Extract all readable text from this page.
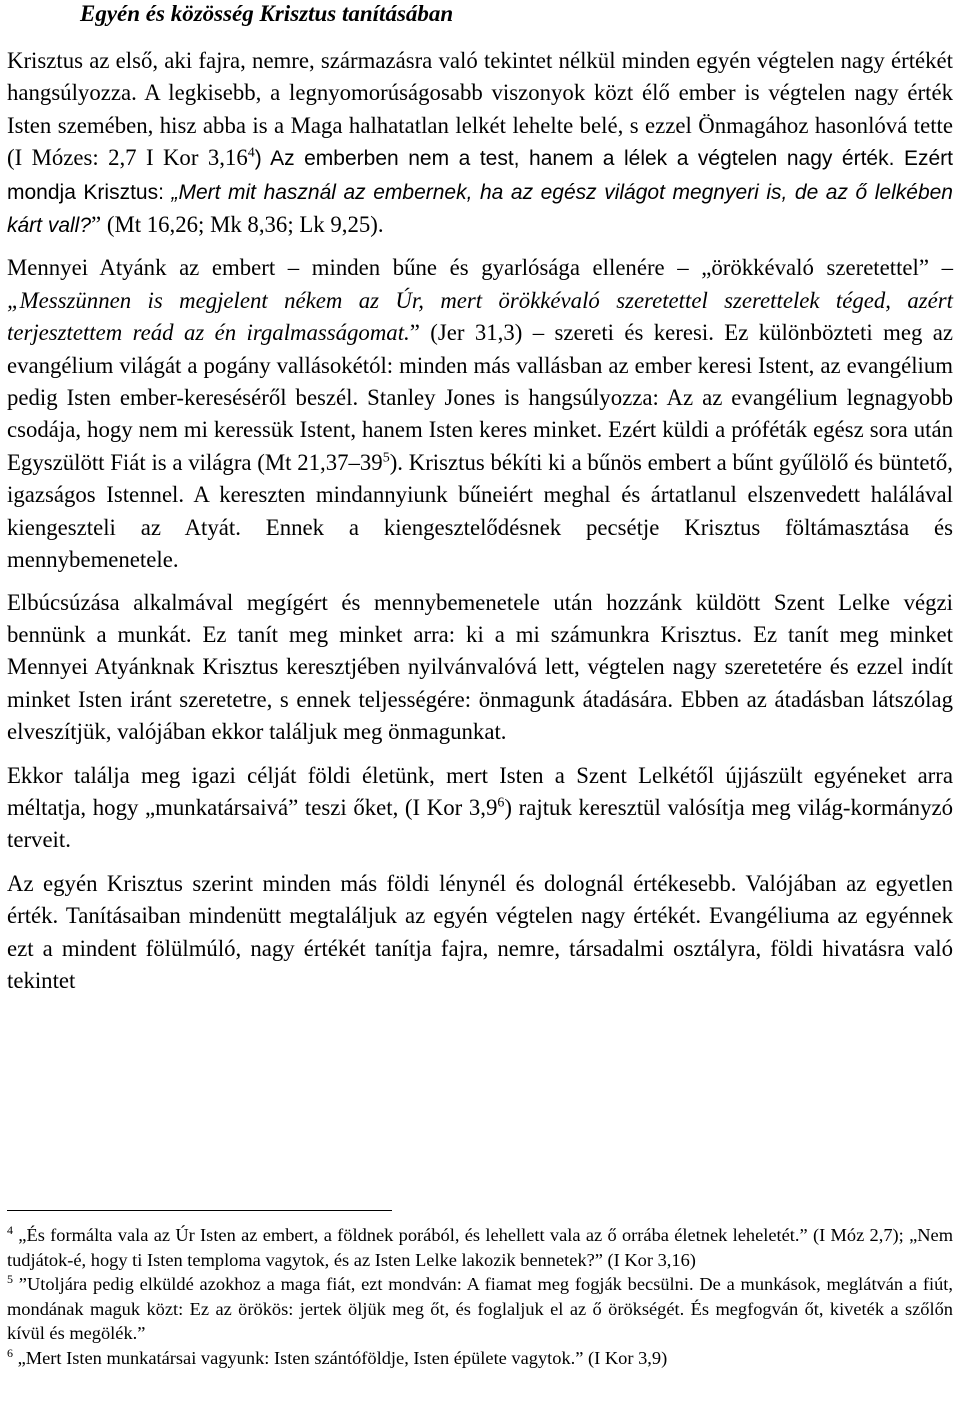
Egyén és közösség Krisztus tanításában

Krisztus az első, aki fajra, nemre, származásra való tekintet nélkül minden egyén végtelen nagy értékét hangsúlyozza. A legkisebb, a legnyomorúságosabb viszonyok közt élő ember is végtelen nagy érték Isten szemében, hisz abba is a Maga halhatatlan lelkét lehelte belé, s ezzel Önmagához hasonlóvá tette (I Mózes: 2,7 I Kor 3,16$^4$) Az emberben nem a test, hanem a lélek a végtelen nagy érték. Ezért mondja Krisztus: „Mert mit használ az embernek, ha az egész világot megnyeri is, de az ő lelkében kárt vall?” (Mt 16,26; Mk 8,36; Lk 9,25).

Mennyei Atyánk az embert – minden bűne és gyarlósága ellenére – „örökkévaló szeretettel” – „Messzünnen is megjelent nékem az Úr, mert örökkévaló szeretettel szerettelek téged, azért terjesztettem reád az én irgalmasságomat.” (Jer 31,3) – szereti és keresi. Ez különbözteti meg az evangélium világát a pogány vallásokétól: minden más vallásban az ember keresi Istent, az evangélium pedig Isten ember-kereséséről beszél. Stanley Jones is hangsúlyozza: Az az evangélium legnagyobb csodája, hogy nem mi keressük Istent, hanem Isten keres minket. Ezért küldi a próféták egész sora után Egyszülött Fiát is a világra (Mt $21,37-39^5$). Krisztus békíti ki a bűnös embert a bűnt gyűlölő és büntető, igazságos Istennel. A kereszten mindannyiunk bűneiért meghal és ártatlanul elszenvedett halálával kiengeszteli az Atyát. Ennek a kiengesztelődésnek pecsétje Krisztus föltámasztása és mennybemenetele.

Elbúcsúzása alkalmával megígért és mennybemenetele után hozzánk küldött Szent Lelke végzi bennünk a munkát. Ez tanít meg minket arra: ki a mi számunkra Krisztus. Ez tanít meg minket Mennyei Atyánknak Krisztus keresztjében nyilvánvalóvá lett, végtelen nagy szeretetére és ezzel indít minket Isten iránt szeretetre, s ennek teljességére: önmagunk átadására. Ebben az átadásban látszólag elveszítjük, valójában ekkor találjuk meg önmagunkat.

Ekkor találja meg igazi célját földi életünk, mert Isten a Szent Lelkétől újjászült egyéneket arra méltatja, hogy „munkatársaivá” teszi őket, (I Kor $3,9^6$) rajtuk keresztül valósítja meg világ-kormányzó terveit.

Az egyén Krisztus szerint minden más földi lénynél és dolognál értékesebb. Valójában az egyetlen érték. Tanításaiban mindenütt megtaláljuk az egyén végtelen nagy értékét. Evangéliuma az egyénnek ezt a mindent fölülmúló, nagy értékét tanítja fajra, nemre, társadalmi osztályra, földi hivatásra való tekintet

$^4$ „És formálta vala az Úr Isten az embert, a földnek porából, és lehellett vala az ő orrába életnek leheletét.” (I Móz 2,7); „Nem tudjátok-é, hogy ti Isten temploma vagytok, és az Isten Lelke lakozik bennetek?” (I Kor 3,16)

$^5$ ”Utoljára pedig elküldé azokhoz a maga fiát, ezt mondván: A fiamat meg fogják becsülni. De a munkások, meglátván a fiút, mondának maguk közt: Ez az örökös: jertek öljük meg őt, és foglaljuk el az ő örökségét. És megfogván őt, kiveték a szőlőn kívül és megölék.”

$^6$ „Mert Isten munkatársai vagyunk: Isten szántóföldje, Isten épülete vagytok.” (I Kor 3,9)
